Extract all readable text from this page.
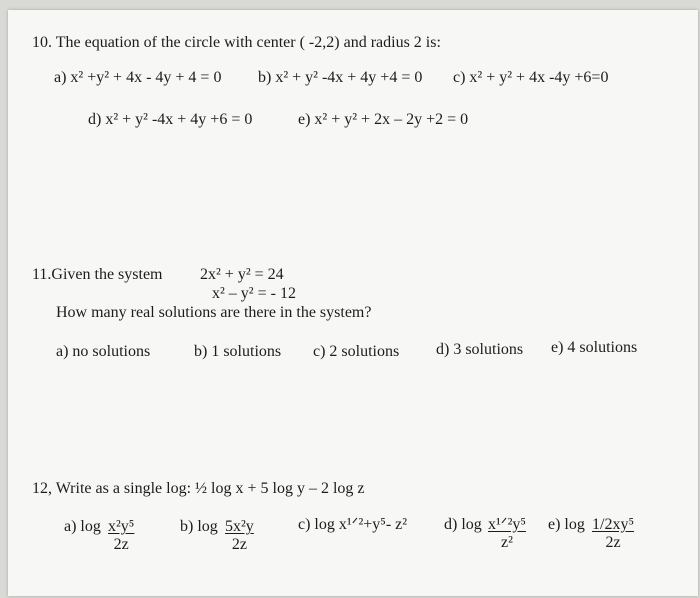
10. The equation of the circle with center ( -2,2) and radius 2 is:
a) x² +y² + 4x - 4y + 4 = 0 b) x² + y² -4x + 4y +4 = 0 c) x² + y² + 4x -4y +6=0
d) x² + y² -4x + 4y +6 = 0	e) x² + y² + 2x – 2y +2 = 0
11.Given the system 2x² + y² = 24
x² – y² = - 12
How many real solutions are there in the system?
a) no solutions	b) 1 solutions c) 2 solutions d) 3 solutions e) 4 solutions
12, Write as a single log: ½ log x + 5 log y – 2 log z
a) $\log \frac{\text{x²y⁵}}{2z}$	b) $\log \frac{\text{5x²y}}{2z}$	c) log x¹ᐟ²+y⁵- z² d) log x¹ᐟ²y⁵
z²
e) $\log \frac{\text{1/2xy⁵}}{2z}$
